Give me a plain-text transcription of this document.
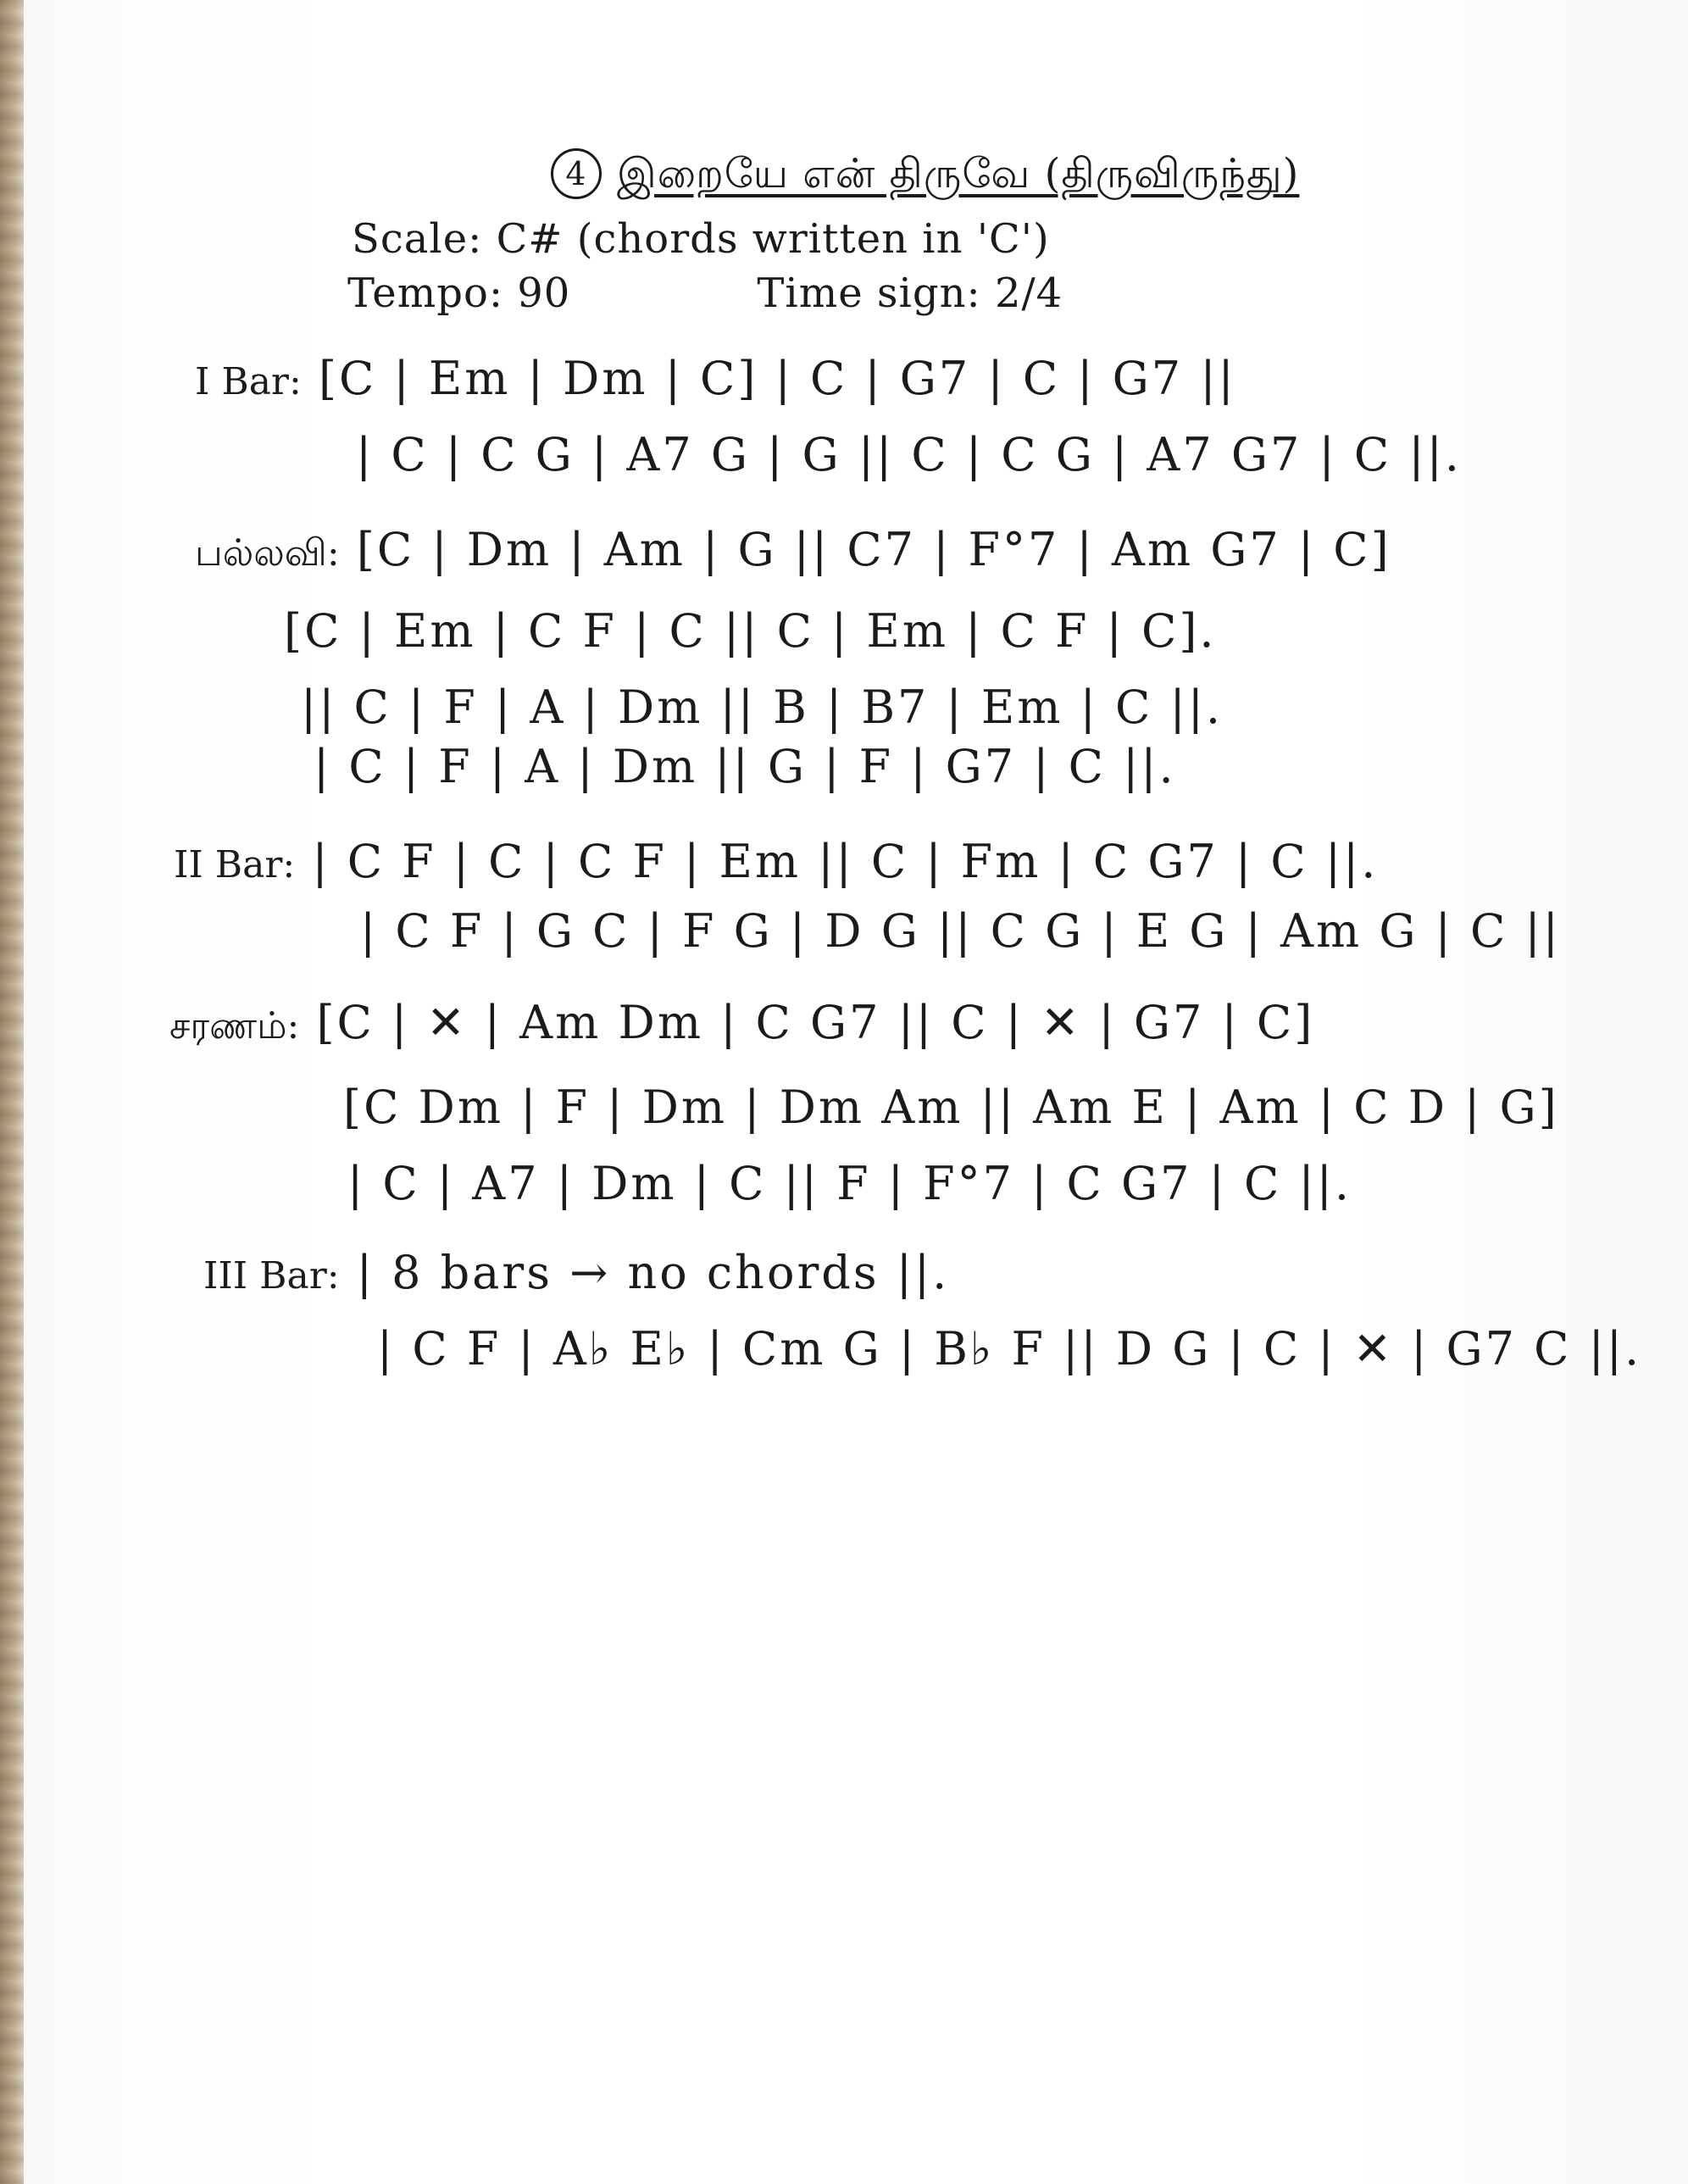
4 இறையே என் திருவே (திருவிருந்து)
Scale: C# (chords written in 'C')
Tempo: 90	Time sign: 2/4
I Bar: [C | Em | Dm | C] | C | G7 | C | G7 ||
| C | C G | A7 G | G || C | C G | A7 G7 | C ||.
பல்லவி: [C | Dm | Am | G || C7 | F°7 | Am G7 | C]
[C | Em | C F | C || C | Em | C F | C].
|| C | F | A | Dm || B | B7 | Em | C ||.
| C | F | A | Dm || G | F | G7 | C ||.
II Bar: | C F | C | C F | Em || C | Fm | C G7 | C ||.
| C F | G C | F G | D G || C G | E G | Am G | C ||
சரணம்: [C | ✕ | Am Dm | C G7 || C | ✕ | G7 | C]
[C Dm | F | Dm | Dm Am || Am E | Am | C D | G]
| C | A7 | Dm | C || F | F°7 | C G7 | C ||.
III Bar: | 8 bars → no chords ||.
| C F | A♭ E♭ | Cm G | B♭ F || D G | C | ✕ | G7 C ||.
